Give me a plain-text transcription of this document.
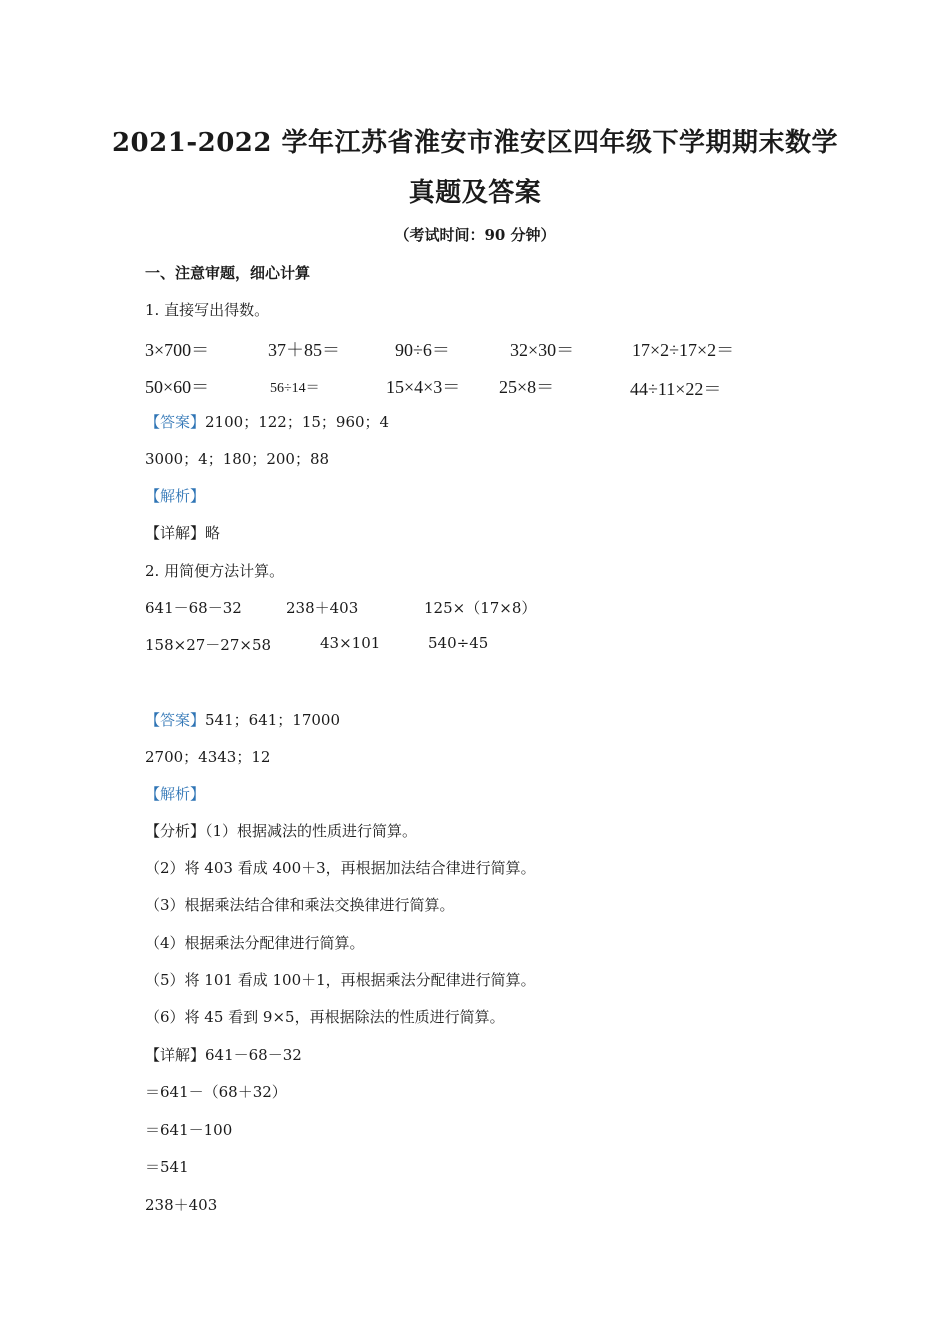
2021-2022 学年江苏省淮安市淮安区四年级下学期期末数学
真题及答案
（考试时间：90 分钟）
一、注意审题，细心计算
1. 直接写出得数。
3×700＝	37＋85＝	90÷6＝	32×30＝	17×2÷17×2＝
50×60＝	56÷14＝	15×4×3＝ 25×8＝	44÷11×22＝
【答案】2100；122；15；960；4
3000；4；180；200；88
【解析】
【详解】略
2. 用简便方法计算。
641－68－32	238＋403	125×（17×8）
158×27－27×58	43×101	540÷45
【答案】541；641；17000
2700；4343；12
【解析】
【分析】（1）根据减法的性质进行简算。
（2）将 403 看成 400＋3，再根据加法结合律进行简算。
（3）根据乘法结合律和乘法交换律进行简算。
（4）根据乘法分配律进行简算。
（5）将 101 看成 100＋1，再根据乘法分配律进行简算。
（6）将 45 看到 9×5，再根据除法的性质进行简算。
【详解】641－68－32
＝641－（68＋32）
＝641－100
＝541
238＋403
